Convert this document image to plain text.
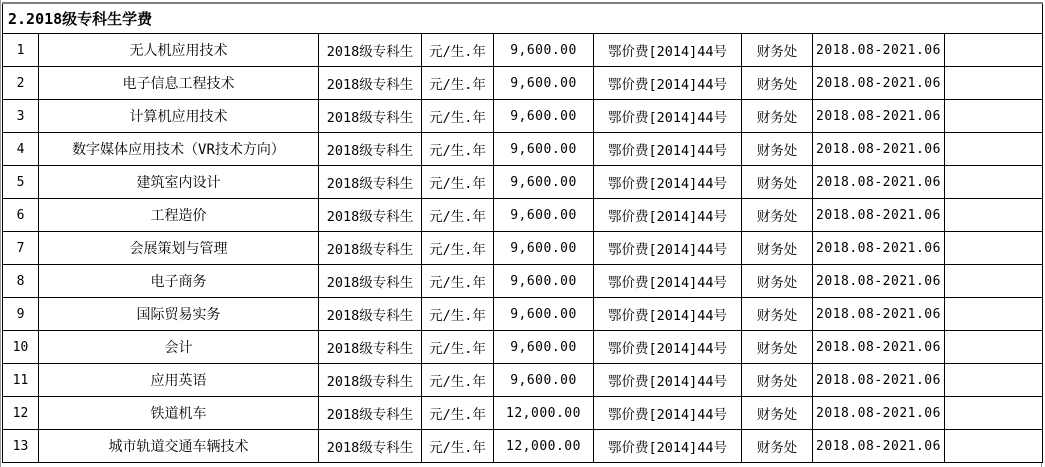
2.2018级专科生学费								
1	无人机应用技术	2018级专科生	元/生.年	9,600.00	鄂价费[2014]44号	财务处	2018.08-2021.06	
2	电子信息工程技术	2018级专科生	元/生.年	9,600.00	鄂价费[2014]44号	财务处	2018.08-2021.06	
3	计算机应用技术	2018级专科生	元/生.年	9,600.00	鄂价费[2014]44号	财务处	2018.08-2021.06	
4	数字媒体应用技术（VR技术方向）	2018级专科生	元/生.年	9,600.00	鄂价费[2014]44号	财务处	2018.08-2021.06	
5	建筑室内设计	2018级专科生	元/生.年	9,600.00	鄂价费[2014]44号	财务处	2018.08-2021.06	
6	工程造价	2018级专科生	元/生.年	9,600.00	鄂价费[2014]44号	财务处	2018.08-2021.06	
7	会展策划与管理	2018级专科生	元/生.年	9,600.00	鄂价费[2014]44号	财务处	2018.08-2021.06	
8	电子商务	2018级专科生	元/生.年	9,600.00	鄂价费[2014]44号	财务处	2018.08-2021.06	
9	国际贸易实务	2018级专科生	元/生.年	9,600.00	鄂价费[2014]44号	财务处	2018.08-2021.06	
10	会计	2018级专科生	元/生.年	9,600.00	鄂价费[2014]44号	财务处	2018.08-2021.06	
11	应用英语	2018级专科生	元/生.年	9,600.00	鄂价费[2014]44号	财务处	2018.08-2021.06	
12	铁道机车	2018级专科生	元/生.年	12,000.00	鄂价费[2014]44号	财务处	2018.08-2021.06	
13	城市轨道交通车辆技术	2018级专科生	元/生.年	12,000.00	鄂价费[2014]44号	财务处	2018.08-2021.06	
